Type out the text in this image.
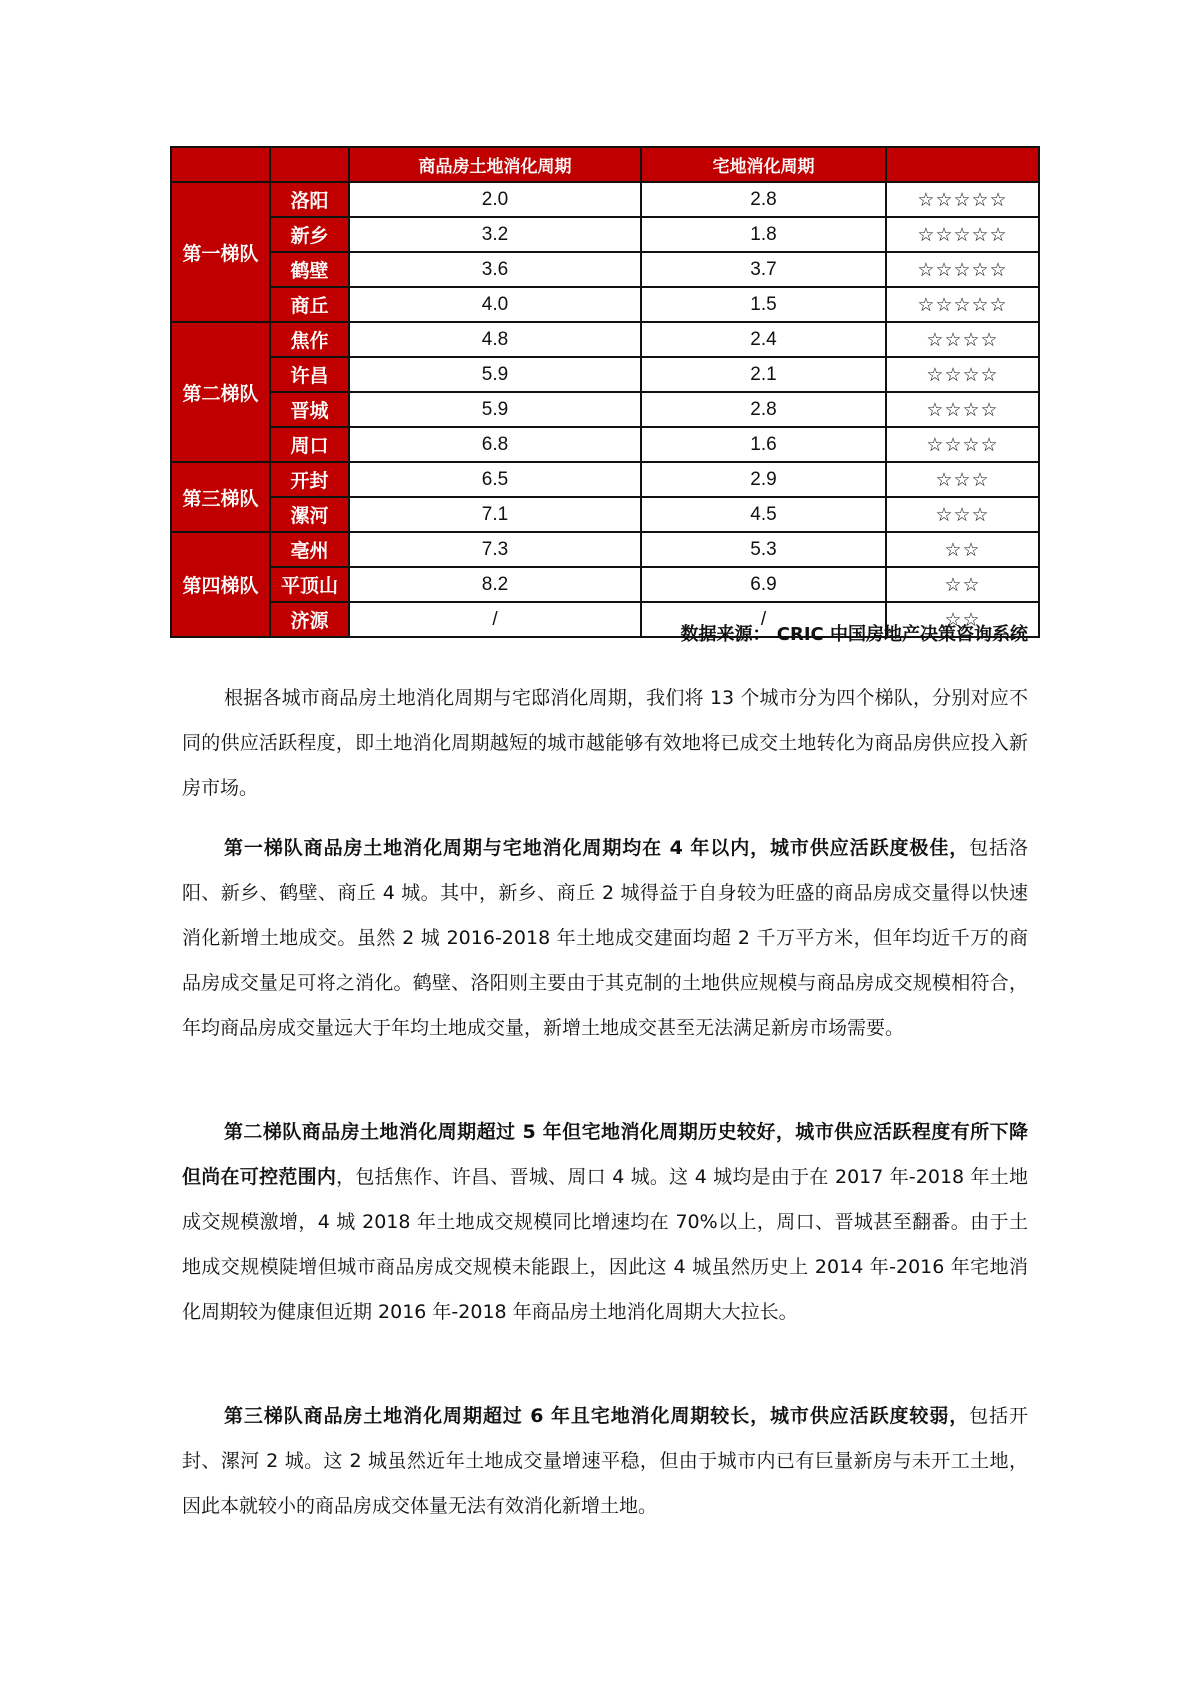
		商品房土地消化周期	宅地消化周期	
第一梯队	洛阳	2.0	2.8	☆☆☆☆☆
	新乡	3.2	1.8	☆☆☆☆☆
	鹤壁	3.6	3.7	☆☆☆☆☆
	商丘	4.0	1.5	☆☆☆☆☆
第二梯队	焦作	4.8	2.4	☆☆☆☆
	许昌	5.9	2.1	☆☆☆☆
	晋城	5.9	2.8	☆☆☆☆
	周口	6.8	1.6	☆☆☆☆
第三梯队	开封	6.5	2.9	☆☆☆
	漯河	7.1	4.5	☆☆☆
第四梯队	亳州	7.3	5.3	☆☆
	平顶山	8.2	6.9	☆☆
	济源	/	/	☆☆
数据来源： CRIC 中国房地产决策咨询系统

根据各城市商品房土地消化周期与宅邸消化周期，我们将 13 个城市分为四个梯队，分别对应不同的供应活跃程度，即土地消化周期越短的城市越能够有效地将已成交土地转化为商品房供应投入新房市场。

第一梯队商品房土地消化周期与宅地消化周期均在 4 年以内，城市供应活跃度极佳，包括洛阳、新乡、鹤壁、商丘 4 城。其中，新乡、商丘 2 城得益于自身较为旺盛的商品房成交量得以快速消化新增土地成交。虽然 2 城 2016-2018 年土地成交建面均超 2 千万平方米，但年均近千万的商品房成交量足可将之消化。鹤壁、洛阳则主要由于其克制的土地供应规模与商品房成交规模相符合，年均商品房成交量远大于年均土地成交量，新增土地成交甚至无法满足新房市场需要。

第二梯队商品房土地消化周期超过 5 年但宅地消化周期历史较好，城市供应活跃程度有所下降但尚在可控范围内，包括焦作、许昌、晋城、周口 4 城。这 4 城均是由于在 2017 年-2018 年土地成交规模激增，4 城 2018 年土地成交规模同比增速均在 70%以上，周口、晋城甚至翻番。由于土地成交规模陡增但城市商品房成交规模未能跟上，因此这 4 城虽然历史上 2014 年-2016 年宅地消化周期较为健康但近期 2016 年-2018 年商品房土地消化周期大大拉长。

第三梯队商品房土地消化周期超过 6 年且宅地消化周期较长，城市供应活跃度较弱，包括开封、漯河 2 城。这 2 城虽然近年土地成交量增速平稳，但由于城市内已有巨量新房与未开工土地，因此本就较小的商品房成交体量无法有效消化新增土地。
